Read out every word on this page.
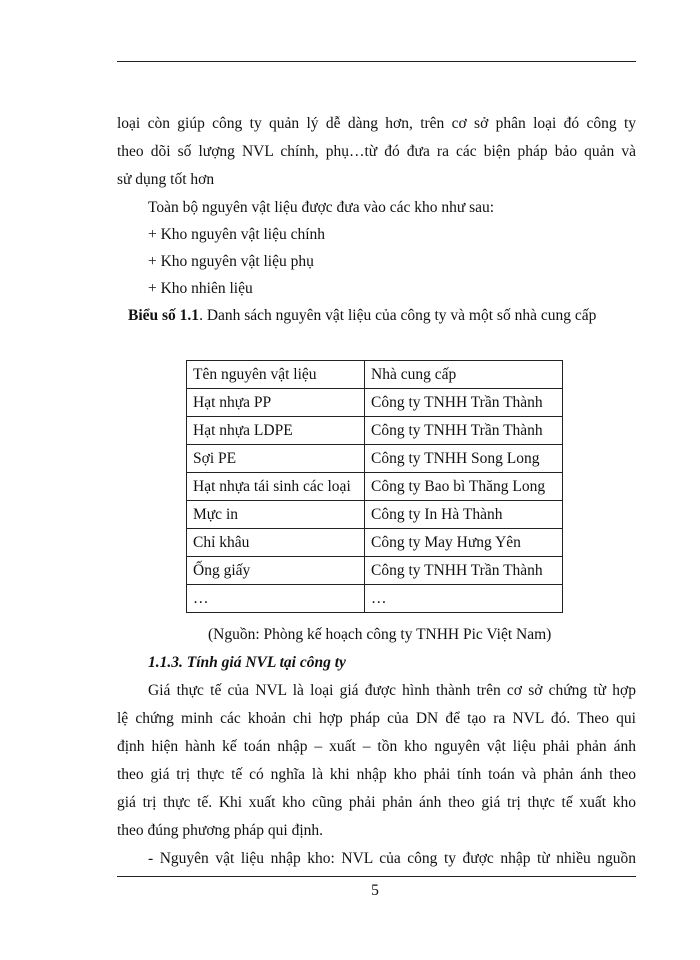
loại còn giúp công ty quản lý dễ dàng hơn, trên cơ sở phân loại đó công ty
theo dõi số lượng NVL chính, phụ…từ đó đưa ra các biện pháp bảo quản và
sử dụng tốt hơn
Toàn bộ nguyên vật liệu được đưa vào các kho như sau:
+ Kho nguyên vật liệu chính
+ Kho nguyên vật liệu phụ
+ Kho nhiên liệu
Biểu số 1.1. Danh sách nguyên vật liệu của công ty và một số nhà cung cấp
Tên nguyên vật liệu	Nhà cung cấp
Hạt nhựa PP	Công ty TNHH Trần Thành
Hạt nhựa LDPE	Công ty TNHH Trần Thành
Sợi PE	Công ty TNHH Song Long
Hạt nhựa tái sinh các loại	Công ty Bao bì Thăng Long
Mực in	Công ty In Hà Thành
Chỉ khâu	Công ty May Hưng Yên
Ống giấy	Công ty TNHH Trần Thành
…	…
(Nguồn: Phòng kế hoạch công ty TNHH Pic Việt Nam)
1.1.3. Tính giá NVL tại công ty
Giá thực tế của NVL là loại giá được hình thành trên cơ sở chứng từ hợp
lệ chứng minh các khoản chi hợp pháp của DN để tạo ra NVL đó. Theo qui
định hiện hành kế toán nhập – xuất – tồn kho nguyên vật liệu phải phản ánh
theo giá trị thực tế có nghĩa là khi nhập kho phải tính toán và phản ánh theo
giá trị thực tế. Khi xuất kho cũng phải phản ánh theo giá trị thực tế xuất kho
theo đúng phương pháp qui định.
- Nguyên vật liệu nhập kho: NVL của công ty được nhập từ nhiều nguồn
5
